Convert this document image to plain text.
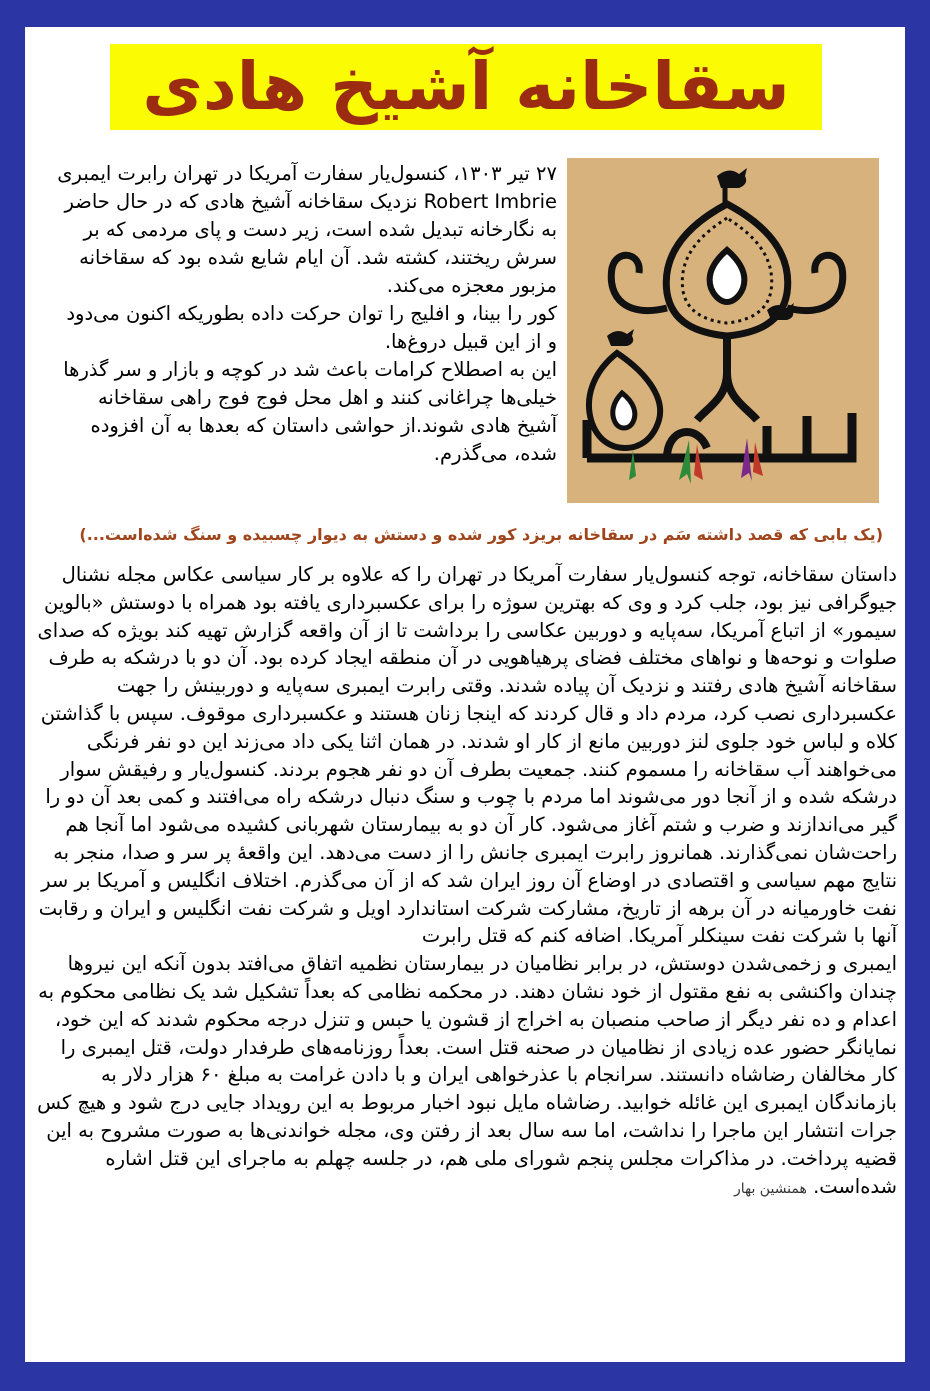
سقاخانه آشیخ هادی

۲۷ تیر ۱۳۰۳، کنسول‌یار سفارت آمریکا در تهران رابرت ایمبری Robert Imbrie نزدیک سقاخانه آشیخ هادی که در حال حاضر به نگارخانه تبدیل شده است، زیر دست و پای مردمی که بر سرش ریختند، کشته شد. آن ایام شایع شده بود که سقاخانه مزبور معجزه می‌کند.

کور را بینا، و افلیج را توان حرکت داده بطوریکه اکنون می‌دود و از این قبیل دروغ‌ها.

این به اصطلاح کرامات باعث شد در کوچه و بازار و سر گذرها خیلی‌ها چراغانی کنند و اهل محل فوج فوج راهی سقاخانه آشیخ هادی شوند.از حواشی داستان که بعدها به آن افزوده شده، می‌گذرم.

(یک بابی که قصد داشته سَم در سقاخانه بریزد کور شده و دستش به دیوار چسبیده و سنگ شده‌است...)

داستان سقاخانه، توجه کنسول‌یار سفارت آمریکا در تهران را که علاوه بر کار سیاسی عکاس مجله نشنال جیوگرافی نیز بود، جلب کرد و وی که بهترین سوژه را برای عکسبرداری یافته بود همراه با دوستش «بالوین سیمور» از اتباع آمریکا، سه‌پایه و دوربین عکاسی را برداشت تا از آن واقعه گزارش تهیه کند بویژه که صدای صلوات و نوحه‌ها و نواهای مختلف فضای پرهیاهویی در آن منطقه ایجاد کرده بود. آن دو با درشکه به طرف سقاخانه آشیخ هادی رفتند و نزدیک آن پیاده شدند. وقتی رابرت ایمبری سه‌پایه و دوربینش را جهت عکسبرداری نصب کرد، مردم داد و قال کردند که اینجا زنان هستند و عکسبرداری موقوف. سپس با گذاشتن کلاه و لباس خود جلوی لنز دوربین مانع از کار او شدند. در همان اثنا یکی داد می‌زند این دو نفر فرنگی می‌خواهند آب سقاخانه را مسموم کنند. جمعیت بطرف آن دو نفر هجوم بردند. کنسول‌یار و رفیقش سوار درشکه شده و از آنجا دور می‌شوند اما مردم با چوب و سنگ دنبال درشکه راه می‌افتند و کمی بعد آن دو را گیر می‌اندازند و ضرب و شتم آغاز می‌شود. کار آن دو به بیمارستان شهربانی کشیده می‌شود اما آنجا هم راحت‌شان نمی‌گذارند. همانروز رابرت ایمبری جانش را از دست می‌دهد. این واقعهٔ پر سر و صدا، منجر به نتایج مهم سیاسی و اقتصادی در اوضاع آن روز ایران شد که از آن می‌گذرم. اختلاف انگلیس و آمریکا بر سر نفت خاورمیانه در آن برهه از تاریخ، مشارکت شرکت استاندارد اویل و شرکت نفت انگلیس و ایران و رقابت آنها با شرکت نفت سینکلر آمریکا. اضافه کنم که قتل رابرت

ایمبری و زخمی‌شدن دوستش، در برابر نظامیان در بیمارستان نظمیه اتفاق می‌افتد بدون آنکه این نیروها چندان واکنشی به نفع مقتول از خود نشان دهند. در محکمه نظامی که بعداً تشکیل شد یک نظامی محکوم به اعدام و ده نفر دیگر از صاحب منصبان به اخراج از قشون یا حبس و تنزل درجه محکوم شدند که این خود، نمایانگر حضور عده زیادی از نظامیان در صحنه قتل است. بعداً روزنامه‌های طرفدار دولت، قتل ایمبری را کار مخالفان رضاشاه دانستند. سرانجام با عذرخواهی ایران و با دادن غرامت به مبلغ ۶۰ هزار دلار به بازماندگان ایمبری این غائله خوابید. رضاشاه مایل نبود اخبار مربوط به این رویداد جایی درج شود و هیچ کس جرات انتشار این ماجرا را نداشت، اما سه سال بعد از رفتن وی، مجله خواندنی‌ها به صورت مشروح به این قضیه پرداخت. در مذاکرات مجلس پنجم شورای ملی هم، در جلسه چهلم به ماجرای این قتل اشاره شده‌است. همنشین بهار
